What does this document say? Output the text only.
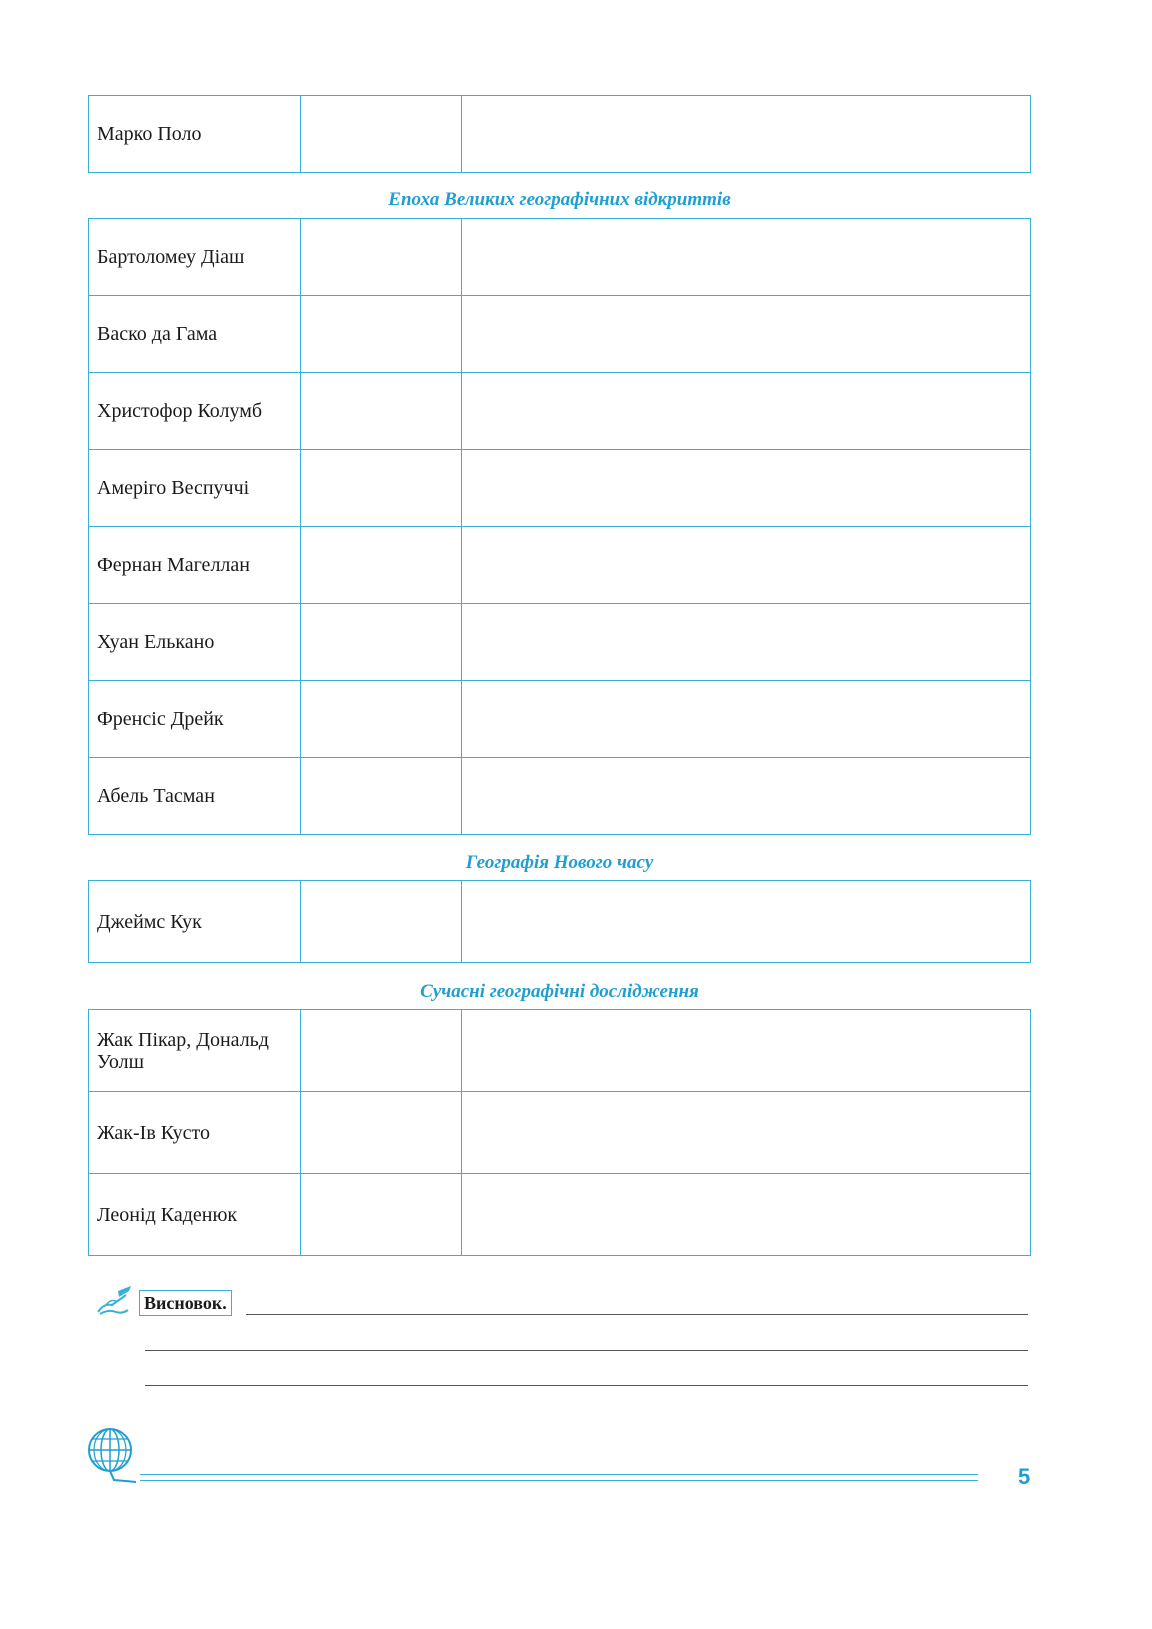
Марко Поло		
Епоха Великих географічних відкриттів
Бартоломеу Діаш		
Васко да Гама		
Христофор Колумб		
Амеріго Веспуччі		
Фернан Магеллан		
Хуан Елькано		
Френсіс Дрейк		
Абель Тасман		
Географія Нового часу
Джеймс Кук		
Сучасні географічні дослідження
Жак Пікар, Дональд Уолш		
Жак-Ів Кусто		
Леонід Каденюк		
Висновок.
5
